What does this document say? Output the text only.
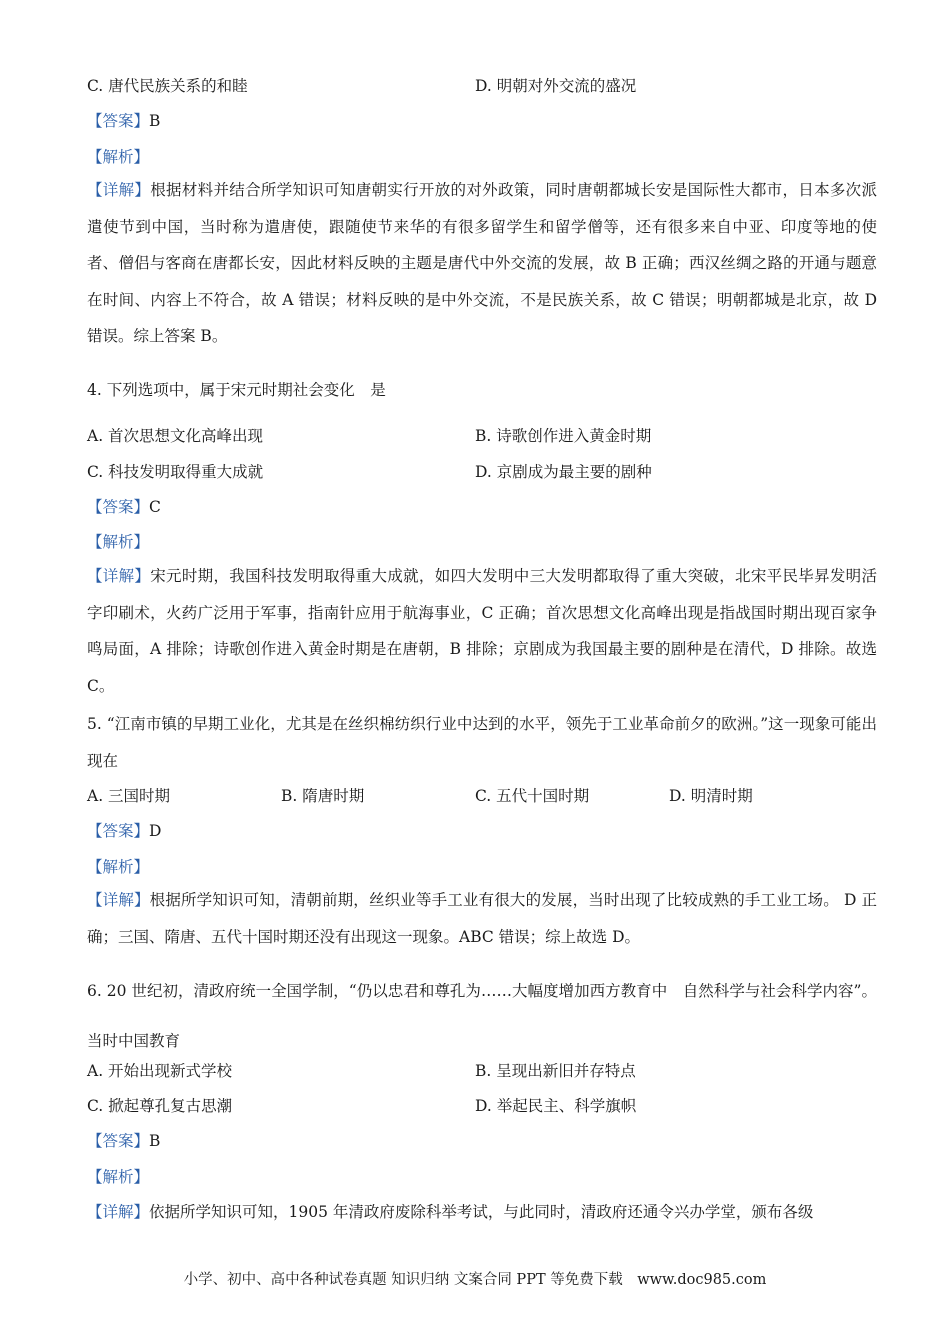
C. 唐代民族关系的和睦	D. 明朝对外交流的盛况
【答案】B
【解析】
【详解】根据材料并结合所学知识可知唐朝实行开放的对外政策，同时唐朝都城长安是国际性大都市，日本多次派遣使节到中国，当时称为遣唐使，跟随使节来华的有很多留学生和留学僧等，还有很多来自中亚、印度等地的使者、僧侣与客商在唐都长安，因此材料反映的主题是唐代中外交流的发展，故 B 正确；西汉丝绸之路的开通与题意在时间、内容上不符合，故 A 错误；材料反映的是中外交流，不是民族关系，故 C 错误；明朝都城是北京，故 D 错误。综上答案 B。
4. 下列选项中，属于宋元时期社会变化　是
A. 首次思想文化高峰出现	B. 诗歌创作进入黄金时期
C. 科技发明取得重大成就	D. 京剧成为最主要的剧种
【答案】C
【解析】
【详解】宋元时期，我国科技发明取得重大成就，如四大发明中三大发明都取得了重大突破，北宋平民毕昇发明活字印刷术，火药广泛用于军事，指南针应用于航海事业，C 正确；首次思想文化高峰出现是指战国时期出现百家争鸣局面，A 排除；诗歌创作进入黄金时期是在唐朝，B 排除；京剧成为我国最主要的剧种是在清代，D 排除。故选 C。
5. “江南市镇的早期工业化，尤其是在丝织棉纺织行业中达到的水平，领先于工业革命前夕的欧洲。”这一现象可能出现在
A. 三国时期	B. 隋唐时期	C. 五代十国时期	D. 明清时期
【答案】D
【解析】
【详解】根据所学知识可知，清朝前期，丝织业等手工业有很大的发展，当时出现了比较成熟的手工业工场。 D 正确；三国、隋唐、五代十国时期还没有出现这一现象。ABC 错误；综上故选 D。
6. 20 世纪初，清政府统一全国学制，“仍以忠君和尊孔为……大幅度增加西方教育中　自然科学与社会科学内容”。当时中国教育
A. 开始出现新式学校	B. 呈现出新旧并存特点
C. 掀起尊孔复古思潮	D. 举起民主、科学旗帜
【答案】B
【解析】
【详解】依据所学知识可知，1905 年清政府废除科举考试，与此同时，清政府还通令兴办学堂，颁布各级
小学、初中、高中各种试卷真题 知识归纳 文案合同 PPT 等免费下载　www.doc985.com
